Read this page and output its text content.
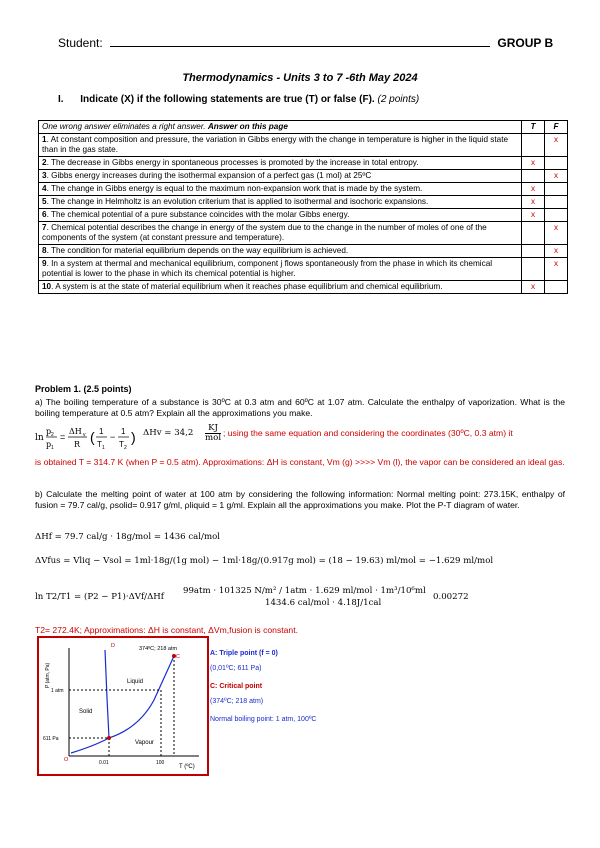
Student:	GROUP B
Thermodynamics - Units 3 to 7 -6th May 2024
I. Indicate (X) if the following statements are true (T) or false (F). (2 points)
One wrong answer eliminates a right answer. Answer on this page	T	F
1. At constant composition and pressure, the variation in Gibbs energy with the change in temperature is higher in the liquid state than in the gas state.		x
2. The decrease in Gibbs energy in spontaneous processes is promoted by the increase in total entropy.	x	
3. Gibbs energy increases during the isothermal expansion of a perfect gas (1 mol) at 25ºC		x
4. The change in Gibbs energy is equal to the maximum non-expansion work that is made by the system.	x	
5. The change in Helmholtz is an evolution criterium that is applied to isothermal and isochoric expansions.	x	
6. The chemical potential of a pure substance coincides with the molar Gibbs energy.	x	
7. Chemical potential describes the change in energy of the system due to the change in the number of moles of one of the components of the system (at constant pressure and temperature).		x
8. The condition for material equilibrium depends on the way equilibrium is achieved.		x
9. In a system at thermal and mechanical equilibrium, component j flows spontaneously from the phase in which its chemical potential is lower to the phase in which its chemical potential is higher.		x
10. A system is at the state of material equilibrium when it reaches phase equilibrium and chemical equilibrium.	x	
Problem 1. (2.5 points)
a) The boiling temperature of a substance is 30ºC at 0.3 atm and 60ºC at 1.07 atm. Calculate the enthalpy of vaporization. What is the boiling temperature at 0.5 atm? Explain all the approximations you make.
ln
p 2
p 1
=
ΔH v
R ( 1
T 1
−
1
T 2
) ΔHv = 34,2	KJ
mol ; using the same equation and considering the coordinates (30ºC, 0.3 atm) it
is obtained T = 314.7 K (when P = 0.5 atm). Approximations: ΔH is constant, Vm (g) >>>> Vm (l), the vapor can be considered an ideal gas.
b) Calculate the melting point of water at 100 atm by considering the following information: Normal melting point: 273.15K, enthalpy of fusion = 79.7 cal/g, ρsolid= 0.917 g/ml, ρliquid = 1 g/ml. Explain all the approximations you make. Plot the P-T diagram of water.
ΔHf = 79.7 cal/g · 18g/mol = 1436 cal/mol
ΔVfus = Vliq − Vsol = 1ml·18g/(1g mol) − 1ml·18g/(0.917g mol) = (18 − 19.63) ml/mol = −1.629 ml/mol
ln T2/T1 = (P2 − P1)·ΔVf/ΔHf
99atm · 101325 N/m² / 1atm · 1.629 ml/mol · 1m³/10⁶ml
1434.6 cal/mol · 4.18J/1cal
0.00272
T2= 272.4K; Approximations: ΔH is constant, ΔVm,fusion is constant.
P (atm, Pa)
T (ºC)
D
C
O
374ºC; 218 atm
Liquid
Solid
Vapour
1 atm
611 Pa
0.01	100
A: Triple point (f = 0)
(0,01ºC; 611 Pa)
C: Critical point
(374ºC; 218 atm)
Normal boiling point: 1 atm, 100ºC
